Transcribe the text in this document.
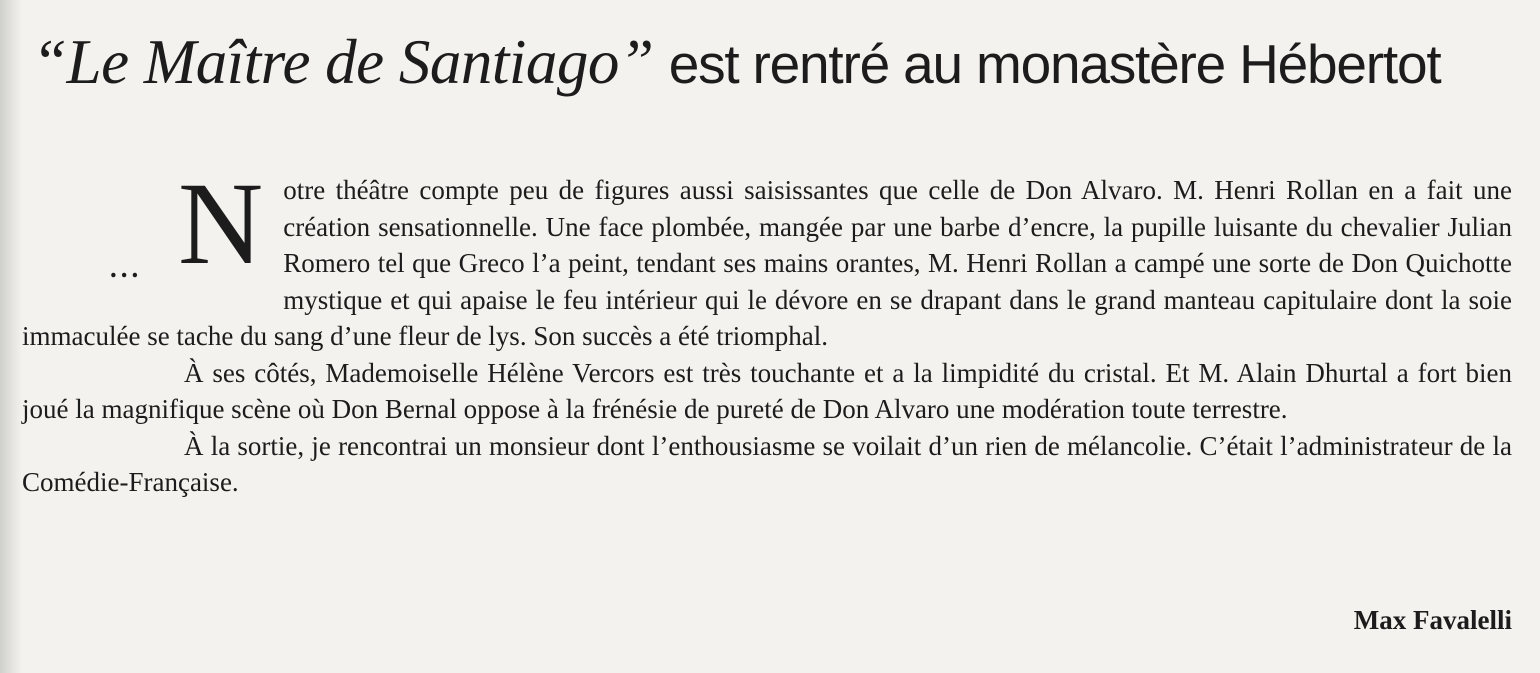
“Le Maître de Santiago” est rentré au monastère Hébertot
... N otre théâtre compte peu de figures aussi saisissantes que celle de Don Alvaro. M. Henri Rollan en a fait une création sensationnelle. Une face plombée, mangée par une barbe d’encre, la pupille luisante du chevalier Julian Romero tel que Greco l’a peint, tendant ses mains orantes, M. Henri Rollan a campé une sorte de Don Quichotte mystique et qui apaise le feu intérieur qui le dévore en se drapant dans le grand manteau capitulaire dont la soie immaculée se tache du sang d’une fleur de lys. Son succès a été triomphal.

À ses côtés, Mademoiselle Hélène Vercors est très touchante et a la limpidité du cristal. Et M. Alain Dhurtal a fort bien joué la magnifique scène où Don Bernal oppose à la frénésie de pureté de Don Alvaro une modération toute terrestre.

À la sortie, je rencontrai un monsieur dont l’enthousiasme se voilait d’un rien de mélancolie. C’était l’administrateur de la Comédie-Française.

Max Favalelli
